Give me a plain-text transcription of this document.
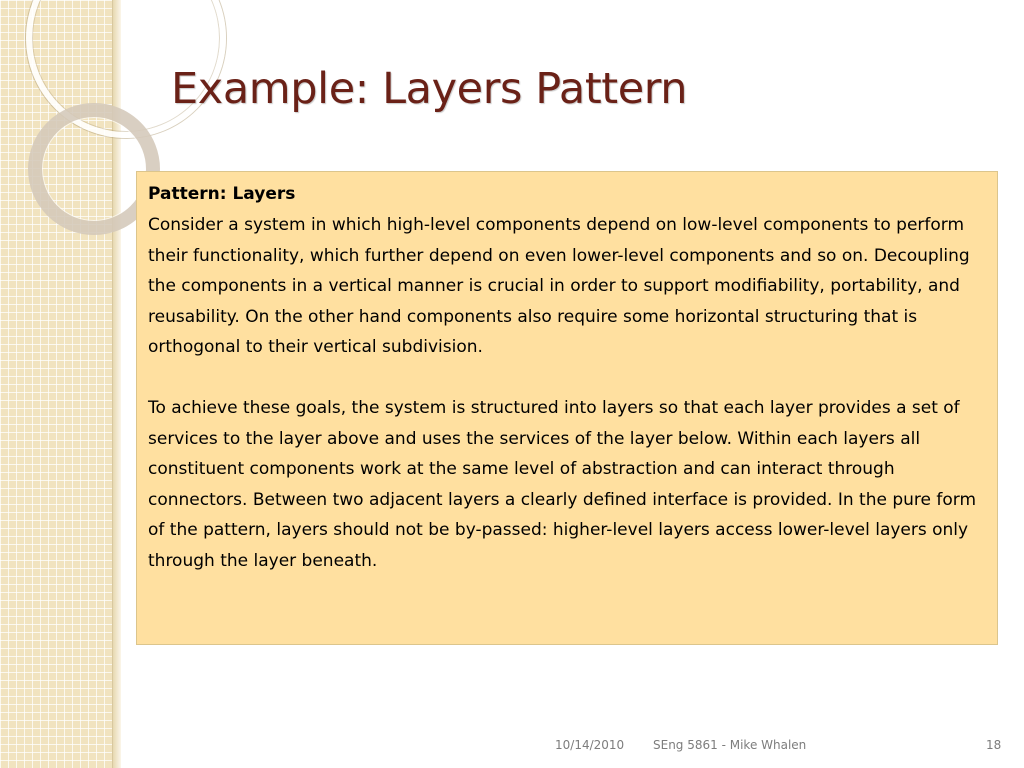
Example: Layers Pattern

Pattern: Layers

Consider a system in which high-level components depend on low-level components to perform their functionality, which further depend on even lower-level components and so on. Decoupling the components in a vertical manner is crucial in order to support modifiability, portability, and reusability. On the other hand components also require some horizontal structuring that is orthogonal to their vertical subdivision.

To achieve these goals, the system is structured into layers so that each layer provides a set of services to the layer above and uses the services of the layer below. Within each layers all constituent components work at the same level of abstraction and can interact through connectors. Between two adjacent layers a clearly defined interface is provided. In the pure form of the pattern, layers should not be by-passed: higher-level layers access lower-level layers only through the layer beneath.

10/14/2010 SEng 5861 - Mike Whalen	18
